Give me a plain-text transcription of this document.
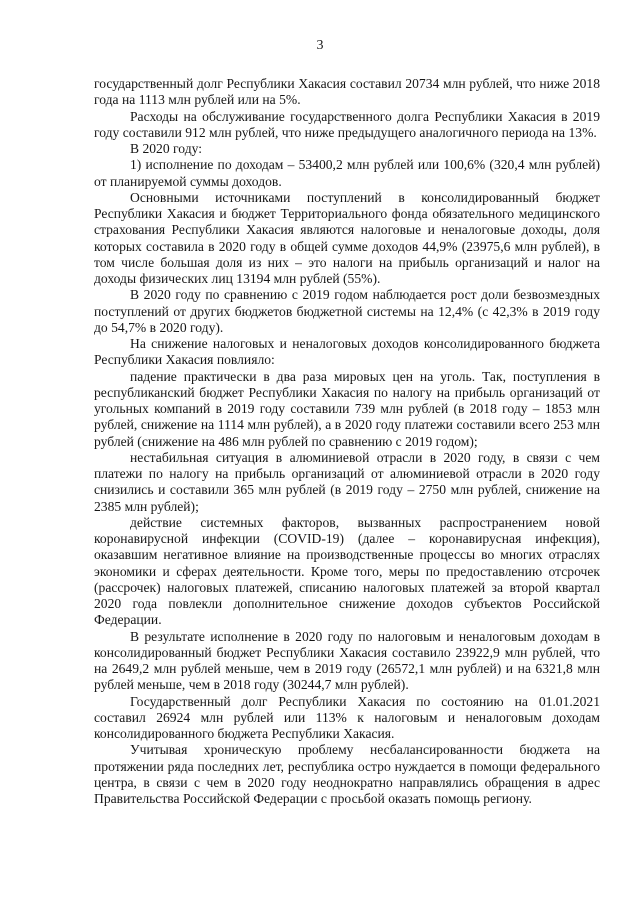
3

государственный долг Республики Хакасия составил 20734 млн рублей, что ниже 2018 года на 1113 млн рублей или на 5%.

Расходы на обслуживание государственного долга Республики Хакасия в 2019 году составили 912 млн рублей, что ниже предыдущего аналогичного периода на 13%.

В 2020 году:

1) исполнение по доходам – 53400,2 млн рублей или 100,6% (320,4 млн рублей) от планируемой суммы доходов.

Основными источниками поступлений в консолидированный бюджет Республики Хакасия и бюджет Территориального фонда обязательного медицинского страхования Республики Хакасия являются налоговые и неналоговые доходы, доля которых составила в 2020 году в общей сумме доходов 44,9% (23975,6 млн рублей), в том числе большая доля из них – это налоги на прибыль организаций и налог на доходы физических лиц 13194 млн рублей (55%).

В 2020 году по сравнению с 2019 годом наблюдается рост доли безвозмездных поступлений от других бюджетов бюджетной системы на 12,4% (с 42,3% в 2019 году до 54,7% в 2020 году).

На снижение налоговых и неналоговых доходов консолидированного бюджета Республики Хакасия повлияло:

падение практически в два раза мировых цен на уголь. Так, поступления в республиканский бюджет Республики Хакасия по налогу на прибыль организаций от угольных компаний в 2019 году составили 739 млн рублей (в 2018 году – 1853 млн рублей, снижение на 1114 млн рублей), а в 2020 году платежи составили всего 253 млн рублей (снижение на 486 млн рублей по сравнению с 2019 годом);

нестабильная ситуация в алюминиевой отрасли в 2020 году, в связи с чем платежи по налогу на прибыль организаций от алюминиевой отрасли в 2020 году снизились и составили 365 млн рублей (в 2019 году – 2750 млн рублей, снижение на 2385 млн рублей);

действие системных факторов, вызванных распространением новой коронавирусной инфекции (COVID-19) (далее – коронавирусная инфекция), оказавшим негативное влияние на производственные процессы во многих отраслях экономики и сферах деятельности. Кроме того, меры по предоставлению отсрочек (рассрочек) налоговых платежей, списанию налоговых платежей за второй квартал 2020 года повлекли дополнительное снижение доходов субъектов Российской Федерации.

В результате исполнение в 2020 году по налоговым и неналоговым доходам в консолидированный бюджет Республики Хакасия составило 23922,9 млн рублей, что на 2649,2 млн рублей меньше, чем в 2019 году (26572,1 млн рублей) и на 6321,8 млн рублей меньше, чем в 2018 году (30244,7 млн рублей).

Государственный долг Республики Хакасия по состоянию на 01.01.2021 составил 26924 млн рублей или 113% к налоговым и неналоговым доходам консолидированного бюджета Республики Хакасия.

Учитывая хроническую проблему несбалансированности бюджета на протяжении ряда последних лет, республика остро нуждается в помощи федерального центра, в связи с чем в 2020 году неоднократно направлялись обращения в адрес Правительства Российской Федерации с просьбой оказать помощь региону.
